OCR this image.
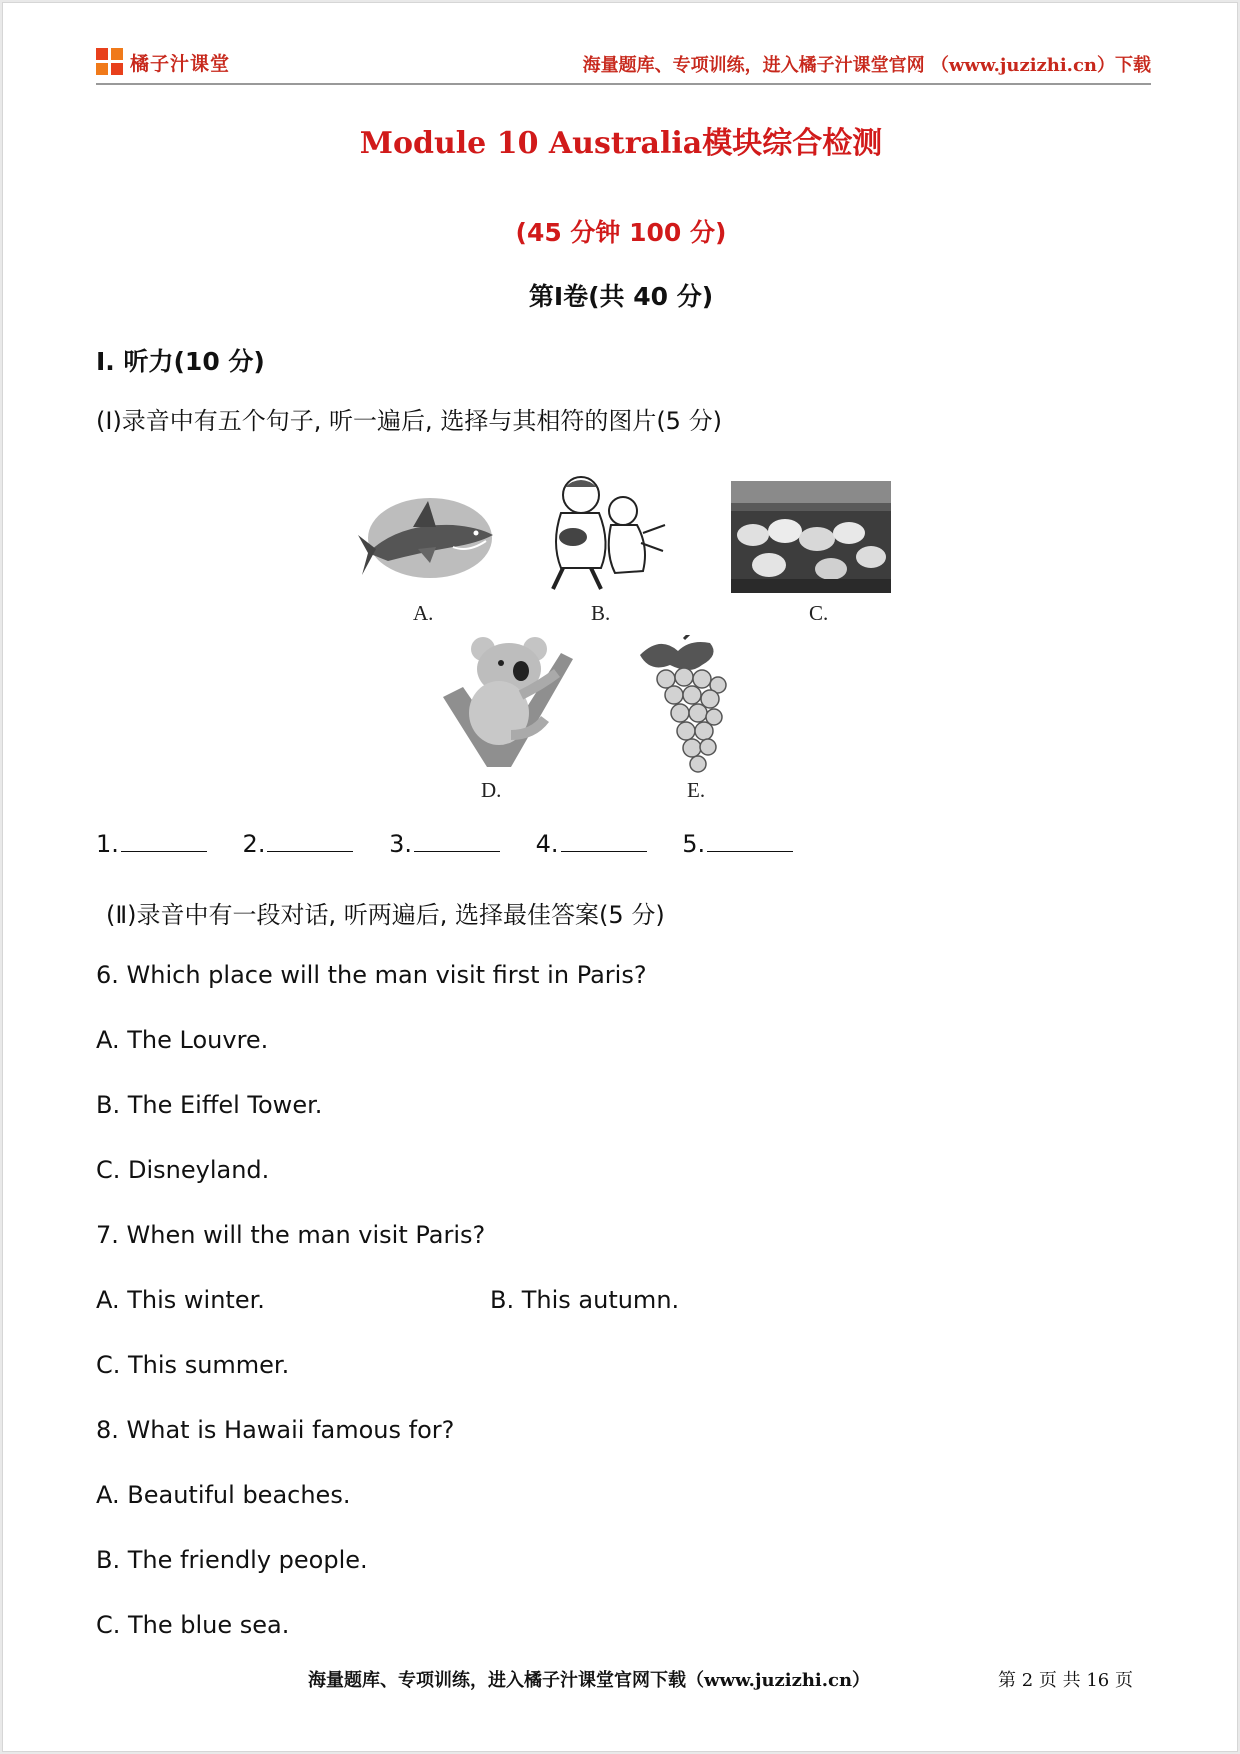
橘子汁课堂	海量题库、专项训练，进入橘子汁课堂官网 （www.juzizhi.cn）下载
Module 10 Australia模块综合检测
(45 分钟 100 分)
第Ⅰ卷(共 40 分)
Ⅰ. 听力(10 分)
(Ⅰ)录音中有五个句子, 听一遍后, 选择与其相符的图片(5 分)
A.	B.	C.
D.	E.
1.	2.	3.	4.	5.
(Ⅱ)录音中有一段对话, 听两遍后, 选择最佳答案(5 分)
6. Which place will the man visit first in Paris?
A. The Louvre.
B. The Eiffel Tower.
C. Disneyland.
7. When will the man visit Paris?
A. This winter.	B. This autumn.
C. This summer.
8. What is Hawaii famous for?
A. Beautiful beaches.
B. The friendly people.
C. The blue sea.
海量题库、专项训练，进入橘子汁课堂官网下载（www.juzizhi.cn）	第 2 页 共 16 页
